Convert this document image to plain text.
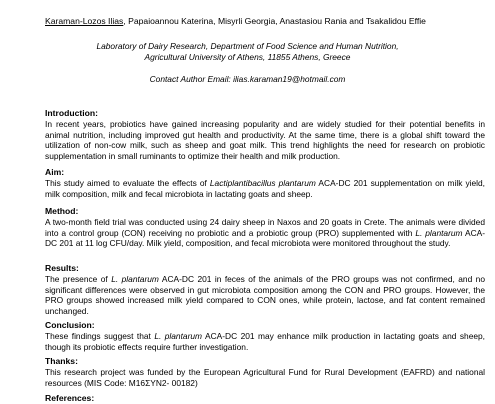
Karaman-Lozos Ilias, Papaioannou Katerina, Misyrli Georgia, Anastasiou Rania and Tsakalidou Effie
Laboratory of Dairy Research, Department of Food Science and Human Nutrition,
Agricultural University of Athens, 11855 Athens, Greece
Contact Author Email: ilias.karaman19@hotmail.com
Introduction:
In recent years, probiotics have gained increasing popularity and are widely studied for their potential benefits in animal nutrition, including improved gut health and productivity. At the same time, there is a global shift toward the utilization of non-cow milk, such as sheep and goat milk. This trend highlights the need for research on probiotic supplementation in small ruminants to optimize their health and milk production.
Aim:
This study aimed to evaluate the effects of Lactiplantibacillus plantarum ACA-DC 201 supplementation on milk yield, milk composition, milk and fecal microbiota in lactating goats and sheep.
Method:
A two-month field trial was conducted using 24 dairy sheep in Naxos and 20 goats in Crete. The animals were divided into a control group (CON) receiving no probiotic and a probiotic group (PRO) supplemented with L. plantarum ACA-DC 201 at 11 log CFU/day. Milk yield, composition, and fecal microbiota were monitored throughout the study.
Results:
The presence of L. plantarum ACA-DC 201 in feces of the animals of the PRO groups was not confirmed, and no significant differences were observed in gut microbiota composition among the CON and PRO groups. However, the PRO groups showed increased milk yield compared to CON ones, while protein, lactose, and fat content remained unchanged.
Conclusion:
These findings suggest that L. plantarum ACA-DC 201 may enhance milk production in lactating goats and sheep, though its probiotic effects require further investigation.
Thanks:
This research project was funded by the European Agricultural Fund for Rural Development (EAFRD) and national resources (MIS Code: Μ16ΣΥΝ2- 00182)
References:
